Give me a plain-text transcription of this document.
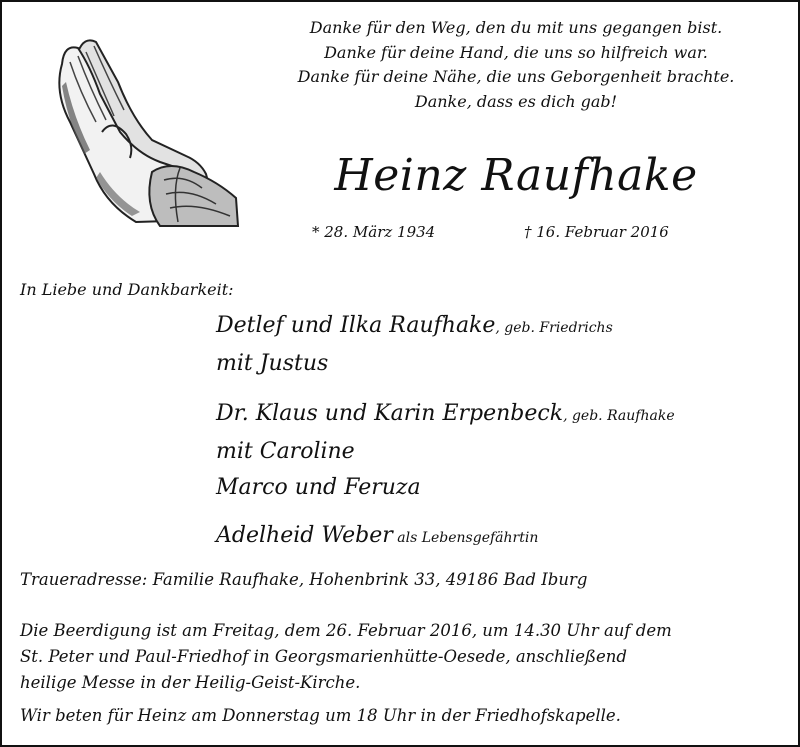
Danke für den Weg, den du mit uns gegangen bist.
Danke für deine Hand, die uns so hilfreich war.
Danke für deine Nähe, die uns Geborgenheit brachte.
Danke, dass es dich gab!
Heinz Raufhake
* 28. März 1934	† 16. Februar 2016
In Liebe und Dankbarkeit:
Detlef und Ilka Raufhake, geb. Friedrichs
mit Justus
Dr. Klaus und Karin Erpenbeck, geb. Raufhake
mit Caroline
Marco und Feruza
Adelheid Weber als Lebensgefährtin
Traueradresse: Familie Raufhake, Hohenbrink 33, 49186 Bad Iburg
Die Beerdigung ist am Freitag, dem 26. Februar 2016, um 14.30 Uhr auf dem
St. Peter und Paul-Friedhof in Georgsmarienhütte-Oesede, anschließend
heilige Messe in der Heilig-Geist-Kirche.
Wir beten für Heinz am Donnerstag um 18 Uhr in der Friedhofskapelle.
